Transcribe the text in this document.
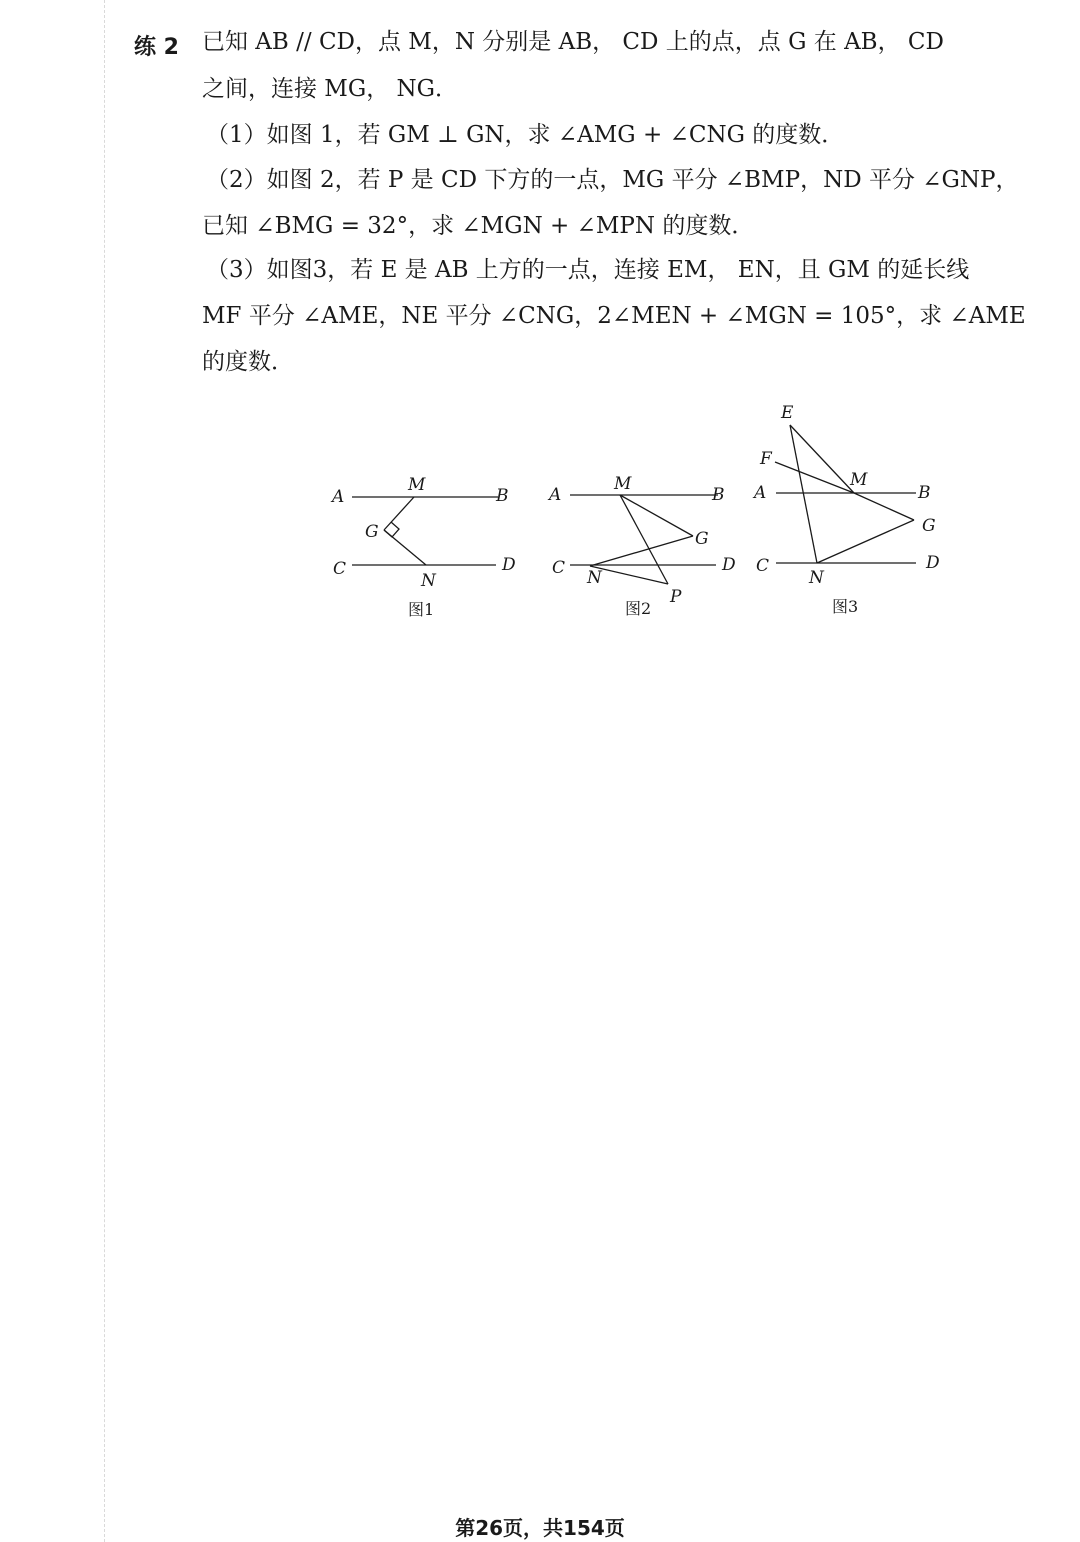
练 2 已知 AB // CD，点 M，N 分别是 AB， CD 上的点，点 G 在 AB， CD
之间，连接 MG， NG．
（1）如图 1，若 GM ⊥ GN，求 ∠AMG + ∠CNG 的度数．
（2）如图 2，若 P 是 CD 下方的一点，MG 平分 ∠BMP，ND 平分 ∠GNP，
已知 ∠BMG = 32°，求 ∠MGN + ∠MPN 的度数．
（3）如图3，若 E 是 AB 上方的一点，连接 EM， EN，且 GM 的延长线
MF 平分 ∠AME，NE 平分 ∠CNG，2∠MEN + ∠MGN = 105°，求 ∠AME
的度数．
A	B
M
G
C	D
N
图1
A	B
M
G
C	D
N
P
图2
E
F
A	B
M
G
C	D
N
图3
第26页，共154页
